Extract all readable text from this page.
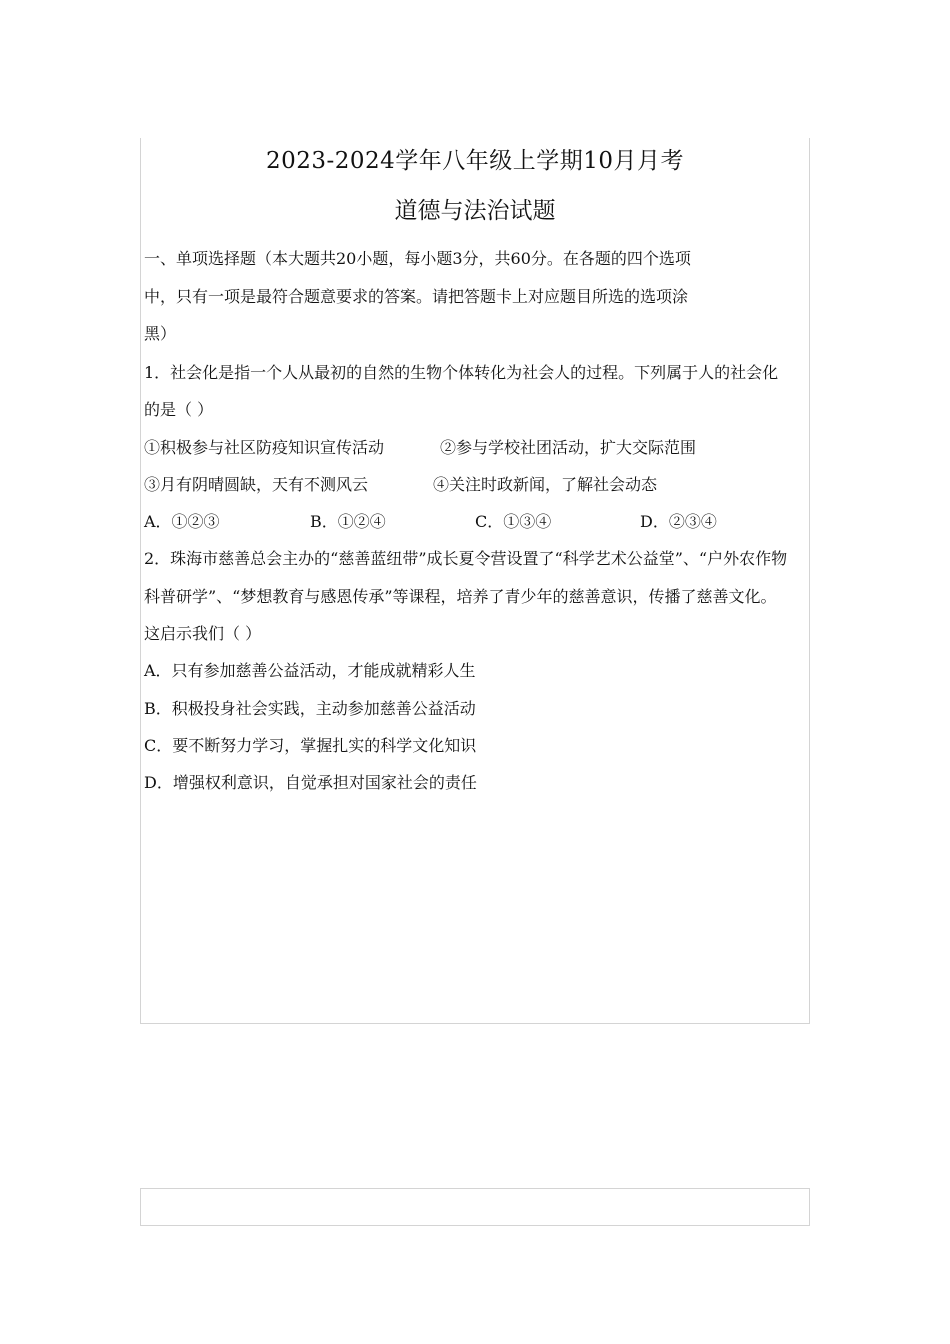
2023-2024学年八年级上学期10月月考
道德与法治试题
一、单项选择题（本大题共20小题，每小题3分，共60分。在各题的四个选项
中，只有一项是最符合题意要求的答案。请把答题卡上对应题目所选的选项涂
黑）
1．社会化是指一个人从最初的自然的生物个体转化为社会人的过程。下列属于人的社会化
的是（ ）
①积极参与社区防疫知识宣传活动	②参与学校社团活动，扩大交际范围
③月有阴晴圆缺，天有不测风云	④关注时政新闻，了解社会动态
A．①②③	B．①②④	C．①③④	D．②③④
2．珠海市慈善总会主办的“慈善蓝纽带”成长夏令营设置了“科学艺术公益堂”、“户外农作物
科普研学”、“梦想教育与感恩传承”等课程，培养了青少年的慈善意识，传播了慈善文化。
这启示我们（ ）
A．只有参加慈善公益活动，才能成就精彩人生
B．积极投身社会实践，主动参加慈善公益活动
C．要不断努力学习，掌握扎实的科学文化知识
D．增强权利意识，自觉承担对国家社会的责任
